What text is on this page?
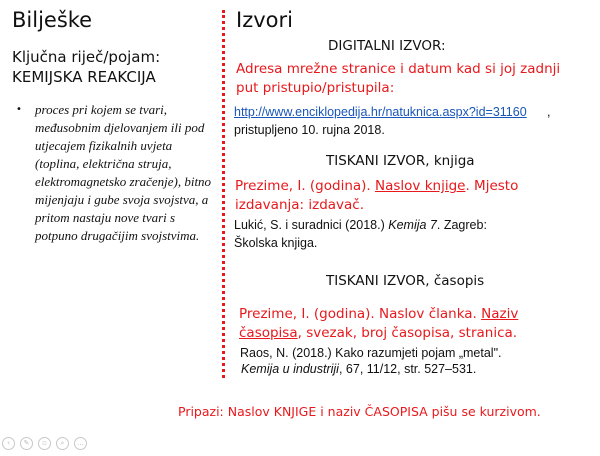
Bilješke
Ključna riječ/pojam:
KEMIJSKA REAKCIJA
• proces pri kojem se tvari, međusobnim djelovanjem ili pod utjecajem fizikalnih uvjeta (toplina, električna struja, elektromagnetsko zračenje), bitno mijenjaju i gube svoja svojstva, a pritom nastaju nove tvari s potpuno drugačijim svojstvima.
Izvori
DIGITALNI IZVOR:
Adresa mrežne stranice i datum kad si joj zadnji put pristupio/pristupila:
http://www.enciklopedija.hr/natuknica.aspx?id=31160 ,
pristupljeno 10. rujna 2018.
TISKANI IZVOR, knjiga
Prezime, I. (godina). Naslov knjige. Mjesto izdavanja: izdavač.
Lukić, S. i suradnici (2018.) Kemija 7. Zagreb:
Školska knjiga.
TISKANI IZVOR, časopis
Prezime, I. (godina). Naslov članka. Naziv časopisa, svezak, broj časopisa, stranica.
Raos, N. (2018.) Kako razumjeti pojam „metal".
Kemija u industriji, 67, 11/12, str. 527–531.
Pripazi: Naslov KNJIGE i naziv ČASOPISA pišu se kurzivom.
‹	✎	▫	⌕	…
